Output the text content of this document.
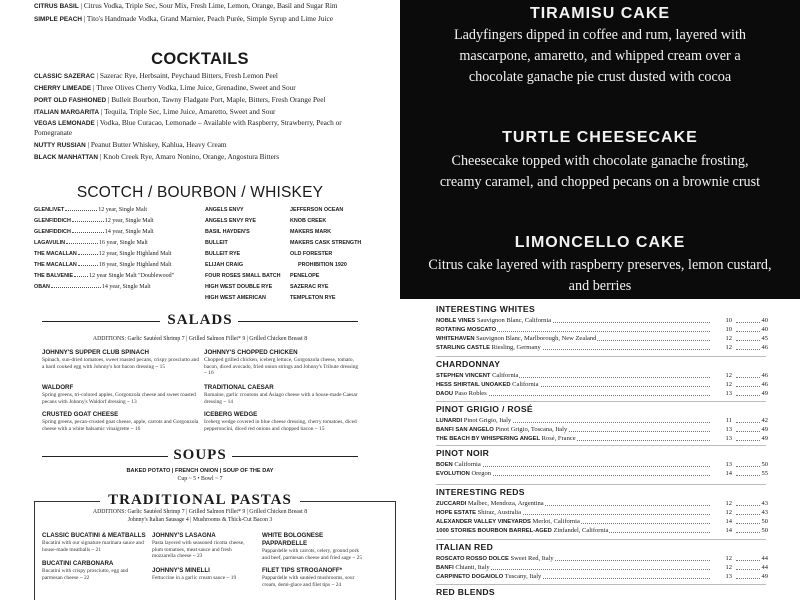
CITRUS BASIL | Citrus Vodka, Triple Sec, Sour Mix, Fresh Lime, Lemon, Orange, Basil and Sugar Rim
SIMPLE PEACH | Tito's Handmade Vodka, Grand Marnier, Peach Purée, Simple Syrup and Lime Juice
COCKTAILS
CLASSIC SAZERAC | Sazerac Rye, Herbsaint, Peychaud Bitters, Fresh Lemon Peel
CHERRY LIMEADE | Three Olives Cherry Vodka, Lime Juice, Grenadine, Sweet and Sour
PORT OLD FASHIONED | Bulleit Bourbon, Tawny Fladgate Port, Maple, Bitters, Fresh Orange Peel
ITALIAN MARGARITA | Tequila, Triple Sec, Lime Juice, Amaretto, Sweet and Sour
VEGAS LEMONADE | Vodka, Blue Curacao, Lemonade – Available with Raspberry, Strawberry, Peach or Pomegranate
NUTTY RUSSIAN | Peanut Butter Whiskey, Kahlua, Heavy Cream
BLACK MANHATTAN | Knob Creek Rye, Amaro Nonino, Orange, Angostura Bitters
SCOTCH / BOURBON / WHISKEY
GLENLIVET	12 year, Single Malt
GLENFIDDICH	12 year, Single Malt
GLENFIDDICH	14 year, Single Malt
LAGAVULIN	16 year, Single Malt
THE MACALLAN	12 year, Single Highland Malt
THE MACALLAN	18 year, Single Highland Malt
THE BALVENIE	12 year Single Malt "Doublewood"
OBAN	14 year, Single Malt
ANGELS ENVY
ANGELS ENVY RYE
BASIL HAYDEN'S
BULLEIT
BULLEIT RYE
ELIJAH CRAIG
FOUR ROSES SMALL BATCH
HIGH WEST DOUBLE RYE
HIGH WEST AMERICAN
JEFFERSON OCEAN
KNOB CREEK
MAKERS MARK
MAKERS CASK STRENGTH
OLD FORESTER
PROHIBITION 1920
PENELOPE
SAZERAC RYE
TEMPLETON RYE
TIRAMISU CAKE
Ladyfingers dipped in coffee and rum, layered with mascarpone, amaretto, and whipped cream over a chocolate ganache pie crust dusted with cocoa
TURTLE CHEESECAKE
Cheesecake topped with chocolate ganache frosting, creamy caramel, and chopped pecans on a brownie crust
LIMONCELLO CAKE
Citrus cake layered with raspberry preserves, lemon custard, and berries
SALADS
ADDITIONS: Garlic Sautéed Shrimp 7 | Grilled Salmon Fillet* 9 | Grilled Chicken Breast 8
JOHNNY'S SUPPER CLUB SPINACH
Spinach, sun-dried tomatoes, sweet roasted pecans, crispy prosciutto and a hard cooked egg with Johnny's hot bacon dressing ~ 15
JOHNNY'S CHOPPED CHICKEN
Chopped grilled chicken, iceberg lettuce, Gorgonzola cheese, tomato, bacon, diced avocado, fried onion strings and Johnny's Tribute dressing ~ 16
WALDORF
Spring greens, tri-colored apples, Gorgonzola cheese and sweet roasted pecans with Johnny's Waldorf dressing ~ 13
TRADITIONAL CAESAR
Romaine, garlic croutons and Asiago cheese with a house-made Caesar dressing ~ 14
CRUSTED GOAT CHEESE
Spring greens, pecan-crusted goat cheese, apple, carrots and Gorgonzola cheese with a white balsamic vinaigrette ~ 16
ICEBERG WEDGE
Iceberg wedge covered in blue cheese dressing, cherry tomatoes, diced pepperoncini, diced red onions and chopped bacon ~ 15
SOUPS
BAKED POTATO | FRENCH ONION | SOUP OF THE DAY
Cup ~ 5 • Bowl ~ 7
TRADITIONAL PASTAS
ADDITIONS: Garlic Sautéed Shrimp 7 | Grilled Salmon Fillet* 9 | Grilled Chicken Breast 8
Johnny's Italian Sausage 4 | Mushrooms & Thick-Cut Bacon 3
CLASSIC BUCATINI & MEATBALLS
Bucatini with our signature marinara sauce and house-made meatballs ~ 21
JOHNNY'S LASAGNA
Pasta layered with seasoned ricotta cheese, plum tomatoes, meat sauce and fresh mozzarella cheese ~ 23
WHITE BOLOGNESE PAPPARDELLE
Pappardelle with carrots, celery, ground pork and beef, parmesan cheese and fried sage ~ 25
BUCATINI CARBONARA
Bucatini with crispy prosciutto, egg and parmesan cheese ~ 22
JOHNNY'S MINELLI
Fettuccine in a garlic cream sauce ~ 19
FILET TIPS STROGANOFF*
Pappardelle with sautéed mushrooms, sour cream, demi-glace and filet tips ~ 24
INTERESTING WHITES
NOBLE VINES Sauvignon Blanc, California	10	40
ROTATING MOSCATO	10	40
WHITEHAVEN Sauvignon Blanc, Marlborough, New Zealand	12	45
STARLING CASTLE Riesling, Germany	12	46
CHARDONNAY
STEPHEN VINCENT California	12	46
HESS SHIRTAIL UNOAKED California	12	46
DAOU Paso Robles	13	49
PINOT GRIGIO / ROSÉ
LUNARDI Pinot Grigio, Italy	11	42
BANFI SAN ANGELO Pinot Grigio, Toscana, Italy	13	49
THE BEACH BY WHISPERING ANGEL Rosé, France	13	49
PINOT NOIR
BOEN California	13	50
EVOLUTION Oregon	14	55
INTERESTING REDS
ZUCCARDI Malbec, Mendoza, Argentina	12	43
HOPE ESTATE Shiraz, Australia	12	43
ALEXANDER VALLEY VINEYARDS Merlot, California	14	50
1000 STORIES BOURBON BARREL-AGED Zinfandel, California	14	50
ITALIAN RED
ROSCATO ROSSO DOLCE Sweet Red, Italy	12	44
BANFI Chianti, Italy	12	44
CARPINETO DOGAIOLO Tuscany, Italy	13	49
RED BLENDS
